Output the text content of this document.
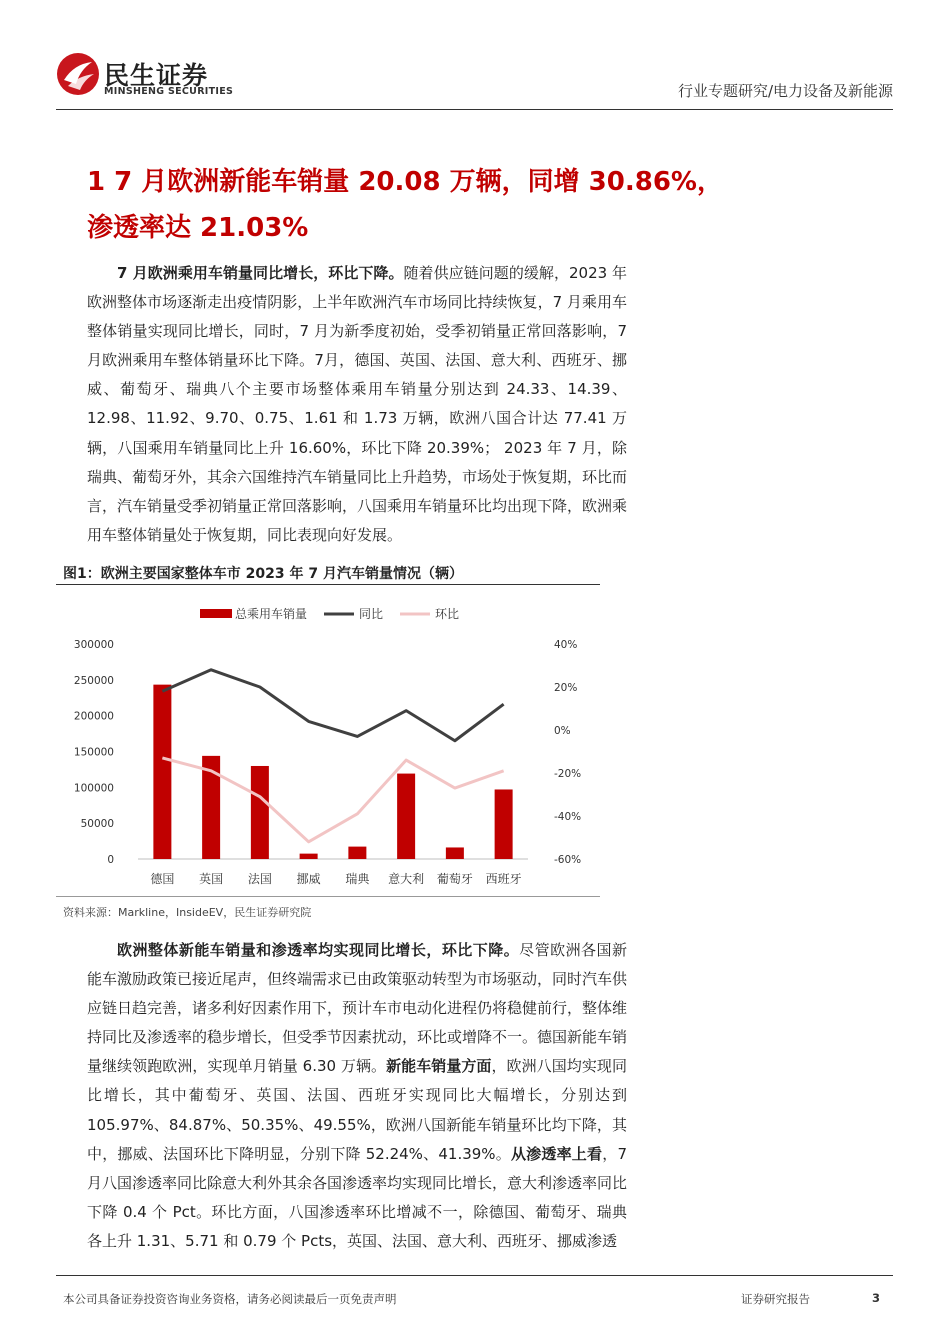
民生证券
MINSHENG SECURITIES	行业专题研究/电力设备及新能源
1 7 月欧洲新能车销量 20.08 万辆，同增 30.86%，
渗透率达 21.03%

7 月欧洲乘用车销量同比增长，环比下降。随着供应链问题的缓解，2023 年欧洲整体市场逐渐走出疫情阴影，上半年欧洲汽车市场同比持续恢复，7 月乘用车整体销量实现同比增长，同时，7 月为新季度初始，受季初销量正常回落影响，7 月欧洲乘用车整体销量环比下降。7月，德国、英国、法国、意大利、西班牙、挪威、葡萄牙、瑞典八个主要市场整体乘用车销量分别达到 24.33、14.39、12.98、11.92、9.70、0.75、1.61 和 1.73 万辆，欧洲八国合计达 77.41 万辆，八国乘用车销量同比上升 16.60%，环比下降 20.39%； 2023 年 7 月，除瑞典、葡萄牙外，其余六国维持汽车销量同比上升趋势，市场处于恢复期，环比而言，汽车销量受季初销量正常回落影响，八国乘用车销量环比均出现下降，欧洲乘用车整体销量处于恢复期，同比表现向好发展。

图1：欧洲主要国家整体车市 2023 年 7 月汽车销量情况（辆）
总乘用车销量	同比	环比
0
50000
100000
150000
200000
250000
300000
-60%
-40%
-20%
0%
20%
40%
德国 英国 法国 挪威 瑞典 意大利 葡萄牙 西班牙
资料来源：Markline，InsideEV，民生证券研究院

欧洲整体新能车销量和渗透率均实现同比增长，环比下降。尽管欧洲各国新能车激励政策已接近尾声，但终端需求已由政策驱动转型为市场驱动，同时汽车供应链日趋完善，诸多利好因素作用下，预计车市电动化进程仍将稳健前行，整体维持同比及渗透率的稳步增长，但受季节因素扰动，环比或增降不一。德国新能车销量继续领跑欧洲，实现单月销量 6.30 万辆。新能车销量方面，欧洲八国均实现同比增长，其中葡萄牙、英国、法国、西班牙实现同比大幅增长，分别达到 105.97%、84.87%、50.35%、49.55%，欧洲八国新能车销量环比均下降，其中，挪威、法国环比下降明显，分别下降 52.24%、41.39%。从渗透率上看，7 月八国渗透率同比除意大利外其余各国渗透率均实现同比增长，意大利渗透率同比下降 0.4 个 Pct。环比方面，八国渗透率环比增减不一，除德国、葡萄牙、瑞典各上升 1.31、5.71 和 0.79 个 Pcts，英国、法国、意大利、西班牙、挪威渗透

本公司具备证券投资咨询业务资格，请务必阅读最后一页免责声明	证券研究报告	3
